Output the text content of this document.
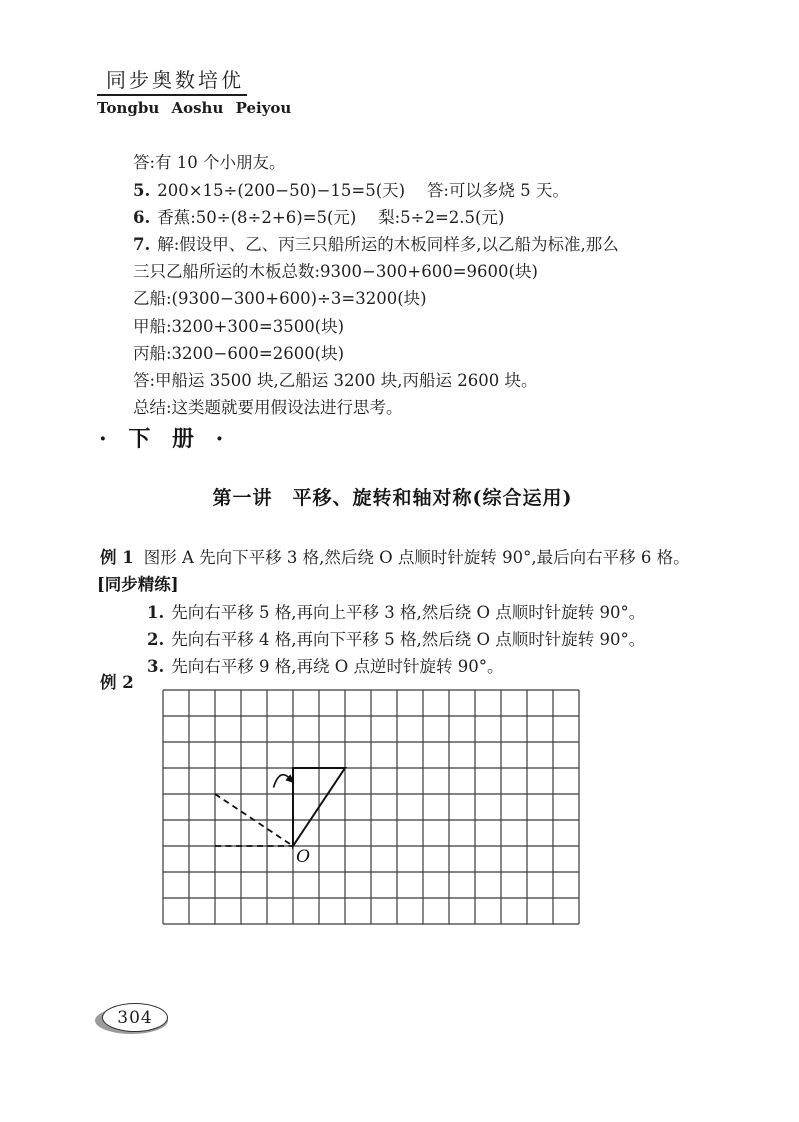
同步奥数培优
Tongbu Aoshu Peiyou
答:有 10 个小朋友。
5. 200×15÷(200−50)−15=5(天)　 答:可以多烧 5 天。
6. 香蕉:50÷(8÷2+6)=5(元)　 梨:5÷2=2.5(元)
7. 解:假设甲、乙、丙三只船所运的木板同样多,以乙船为标准,那么
三只乙船所运的木板总数:9300−300+600=9600(块)
乙船:(9300−300+600)÷3=3200(块)
甲船:3200+300=3500(块)
丙船:3200−600=2600(块)
答:甲船运 3500 块,乙船运 3200 块,丙船运 2600 块。
总结:这类题就要用假设法进行思考。
· 下 册 ·
第一讲　平移、旋转和轴对称(综合运用)
例 1 图形 A 先向下平移 3 格,然后绕 O 点顺时针旋转 90°,最后向右平移 6 格。
[同步精练]
1. 先向右平移 5 格,再向上平移 3 格,然后绕 O 点顺时针旋转 90°。
2. 先向右平移 4 格,再向下平移 5 格,然后绕 O 点顺时针旋转 90°。
3. 先向右平移 9 格,再绕 O 点逆时针旋转 90°。
例 2
O
304
